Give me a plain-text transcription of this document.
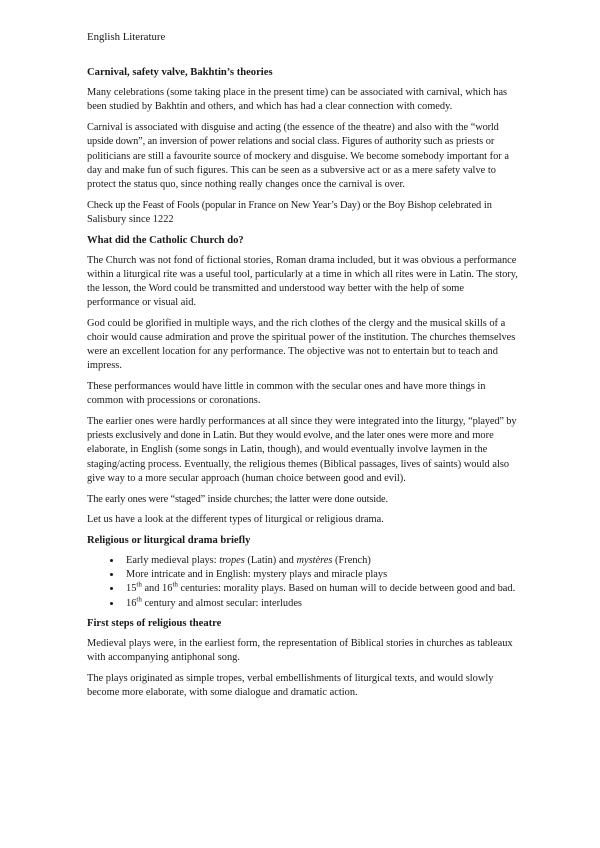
English Literature
Carnival, safety valve, Bakhtin’s theories

Many celebrations (some taking place in the present time) can be associated with carnival, which has been studied by Bakhtin and others, and which has had a clear connection with comedy.

Carnival is associated with disguise and acting (the essence of the theatre) and also with the “world upside down”, an inversion of power relations and social class. Figures of authority such as priests or politicians are still a favourite source of mockery and disguise. We become somebody important for a day and make fun of such figures. This can be seen as a subversive act or as a mere safety valve to protect the status quo, since nothing really changes once the carnival is over.

Check up the Feast of Fools (popular in France on New Year’s Day) or the Boy Bishop celebrated in Salisbury since 1222

What did the Catholic Church do?

The Church was not fond of fictional stories, Roman drama included, but it was obvious a performance within a liturgical rite was a useful tool, particularly at a time in which all rites were in Latin. The story, the lesson, the Word could be transmitted and understood way better with the help of some performance or visual aid.

God could be glorified in multiple ways, and the rich clothes of the clergy and the musical skills of a choir would cause admiration and prove the spiritual power of the institution. The churches themselves were an excellent location for any performance. The objective was not to entertain but to teach and impress.

These performances would have little in common with the secular ones and have more things in common with processions or coronations.

The earlier ones were hardly performances at all since they were integrated into the liturgy, “played” by priests exclusively and done in Latin. But they would evolve, and the later ones were more and more elaborate, in English (some songs in Latin, though), and would eventually involve laymen in the staging/acting process. Eventually, the religious themes (Biblical passages, lives of saints) would also give way to a more secular approach (human choice between good and evil).

The early ones were “staged” inside churches; the latter were done outside.

Let us have a look at the different types of liturgical or religious drama.

Religious or liturgical drama briefly
• Early medieval plays: tropes (Latin) and mystères (French)
• More intricate and in English: mystery plays and miracle plays
• 15th and 16th centuries: morality plays. Based on human will to decide between good and bad.
• 16th century and almost secular: interludes
First steps of religious theatre

Medieval plays were, in the earliest form, the representation of Biblical stories in churches as tableaux with accompanying antiphonal song.

The plays originated as simple tropes, verbal embellishments of liturgical texts, and would slowly become more elaborate, with some dialogue and dramatic action.
